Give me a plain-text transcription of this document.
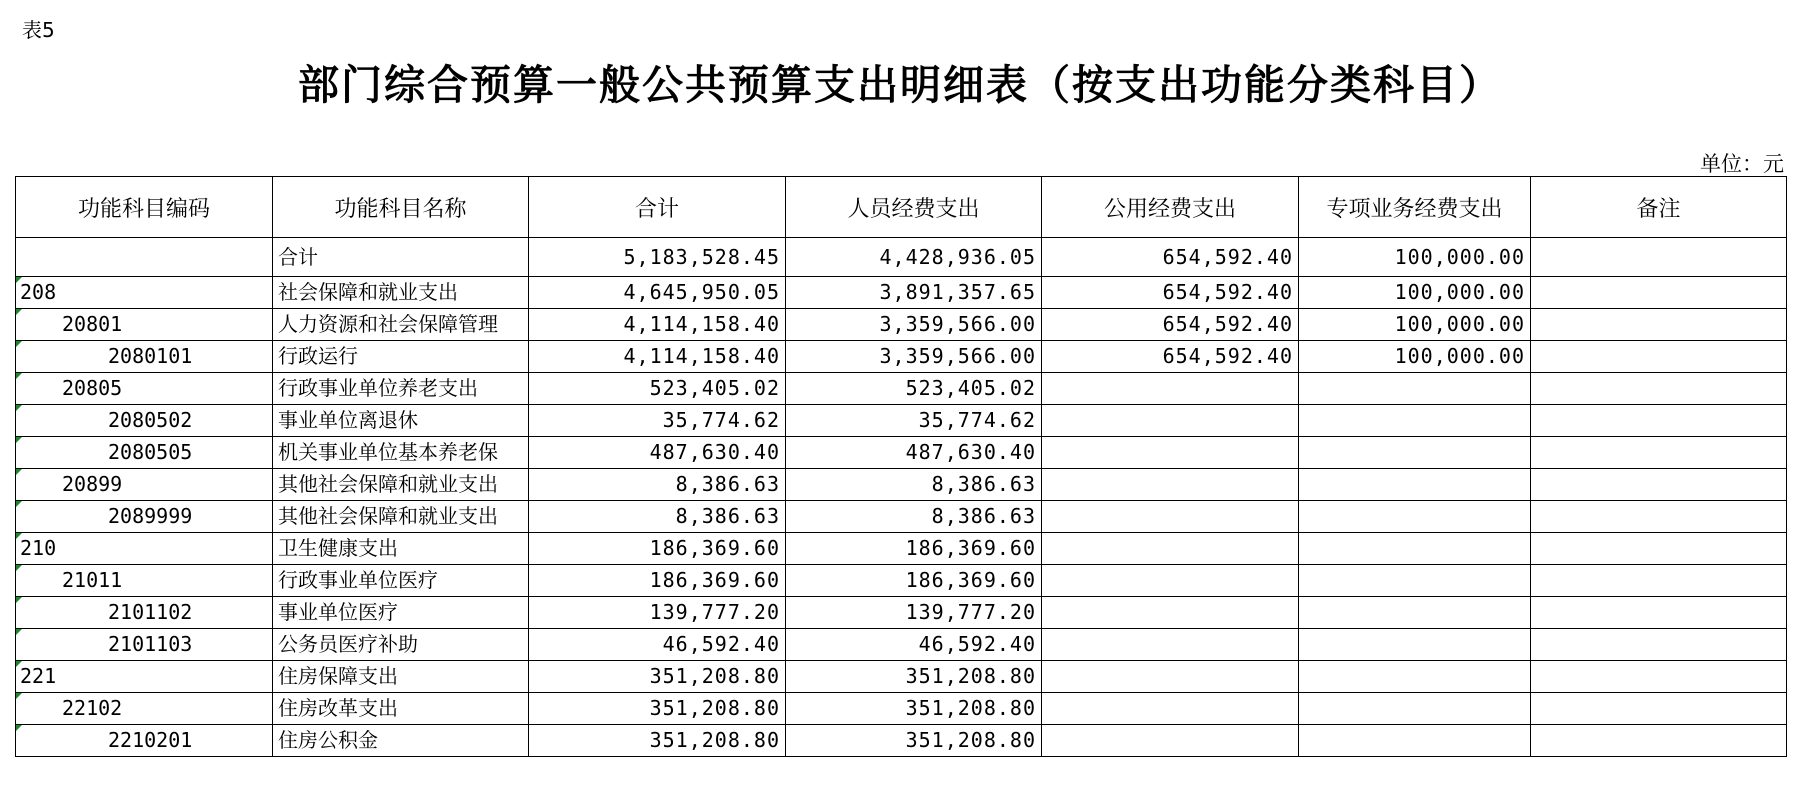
表5
部门综合预算一般公共预算支出明细表（按支出功能分类科目）
单位：元
功能科目编码	功能科目名称	合计	人员经费支出	公用经费支出	专项业务经费支出	备注
	合计	5,183,528.45	4,428,936.05	654,592.40	100,000.00	
208	社会保障和就业支出	4,645,950.05	3,891,357.65	654,592.40	100,000.00	
20801	人力资源和社会保障管理	4,114,158.40	3,359,566.00	654,592.40	100,000.00	
2080101	行政运行	4,114,158.40	3,359,566.00	654,592.40	100,000.00	
20805	行政事业单位养老支出	523,405.02	523,405.02			
2080502	事业单位离退休	35,774.62	35,774.62			
2080505	机关事业单位基本养老保	487,630.40	487,630.40			
20899	其他社会保障和就业支出	8,386.63	8,386.63			
2089999	其他社会保障和就业支出	8,386.63	8,386.63			
210	卫生健康支出	186,369.60	186,369.60			
21011	行政事业单位医疗	186,369.60	186,369.60			
2101102	事业单位医疗	139,777.20	139,777.20			
2101103	公务员医疗补助	46,592.40	46,592.40			
221	住房保障支出	351,208.80	351,208.80			
22102	住房改革支出	351,208.80	351,208.80			
2210201	住房公积金	351,208.80	351,208.80			
